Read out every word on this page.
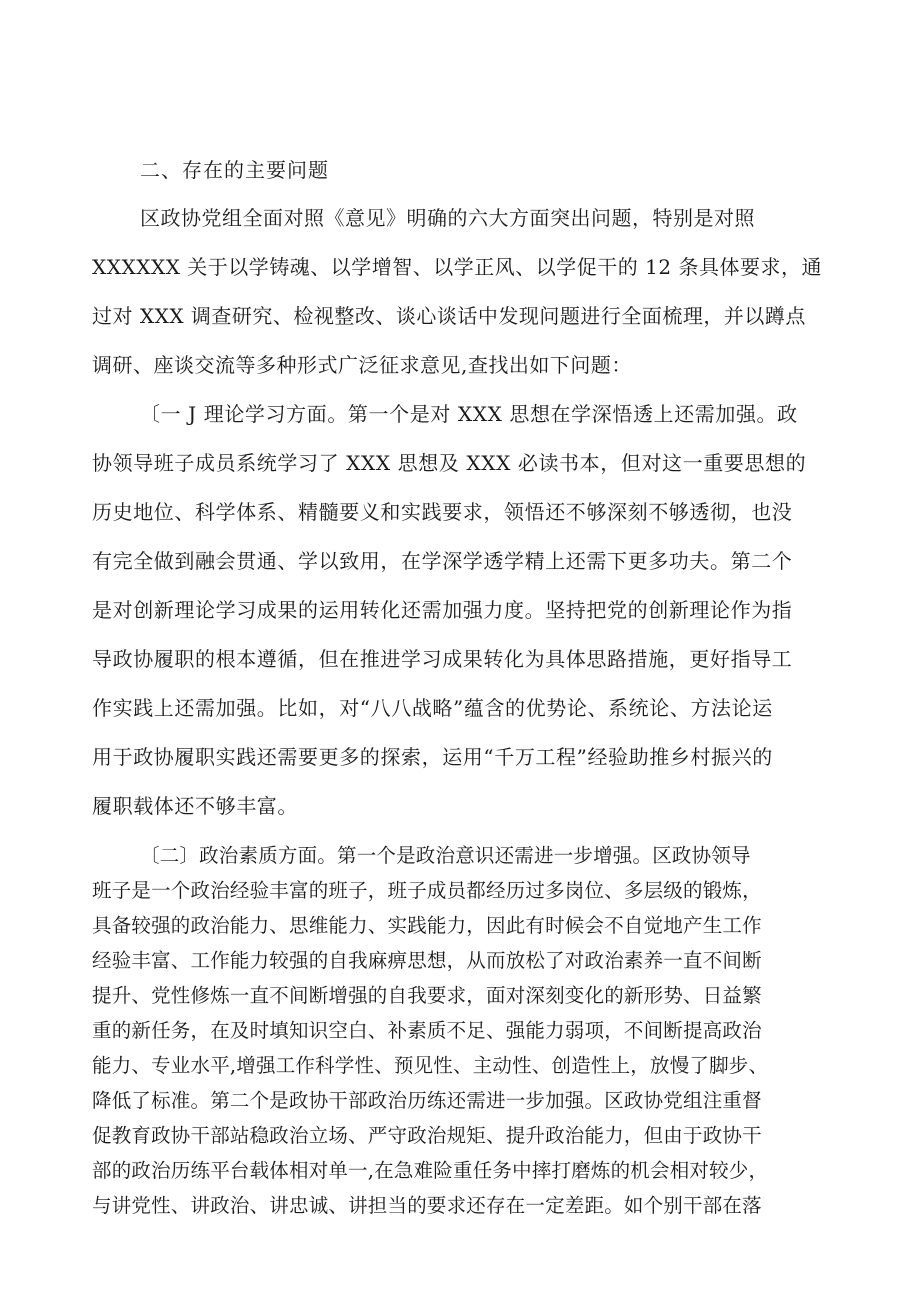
二、存在的主要问题
区政协党组全面对照《意见》明确的六大方面突出问题，特别是对照
XXXXXX 关于以学铸魂、以学增智、以学正风、以学促干的 12 条具体要求，通
过对 XXX 调查研究、检视整改、谈心谈话中发现问题进行全面梳理，并以蹲点
调研、座谈交流等多种形式广泛征求意见,查找出如下问题：
〔一 J 理论学习方面。第一个是对 XXX 思想在学深悟透上还需加强。政
协领导班子成员系统学习了 XXX 思想及 XXX 必读书本，但对这一重要思想的
历史地位、科学体系、精髓要义和实践要求，领悟还不够深刻不够透彻，也没
有完全做到融会贯通、学以致用，在学深学透学精上还需下更多功夫。第二个
是对创新理论学习成果的运用转化还需加强力度。坚持把党的创新理论作为指
导政协履职的根本遵循，但在推进学习成果转化为具体思路措施，更好指导工
作实践上还需加强。比如，对“八八战略”蕴含的优势论、系统论、方法论运
用于政协履职实践还需要更多的探索，运用“千万工程”经验助推乡村振兴的
履职载体还不够丰富。
〔二〕政治素质方面。第一个是政治意识还需进一步增强。区政协领导
班子是一个政治经验丰富的班子，班子成员都经历过多岗位、多层级的锻炼，
具备较强的政治能力、思维能力、实践能力，因此有时候会不自觉地产生工作
经验丰富、工作能力较强的自我麻痹思想，从而放松了对政治素养一直不间断
提升、党性修炼一直不间断增强的自我要求，面对深刻变化的新形势、日益繁
重的新任务，在及时填知识空白、补素质不足、强能力弱项，不间断提高政治
能力、专业水平,增强工作科学性、预见性、主动性、创造性上，放慢了脚步、
降低了标准。第二个是政协干部政治历练还需进一步加强。区政协党组注重督
促教育政协干部站稳政治立场、严守政治规矩、提升政治能力，但由于政协干
部的政治历练平台载体相对单一,在急难险重任务中摔打磨炼的机会相对较少，
与讲党性、讲政治、讲忠诚、讲担当的要求还存在一定差距。如个别干部在落
